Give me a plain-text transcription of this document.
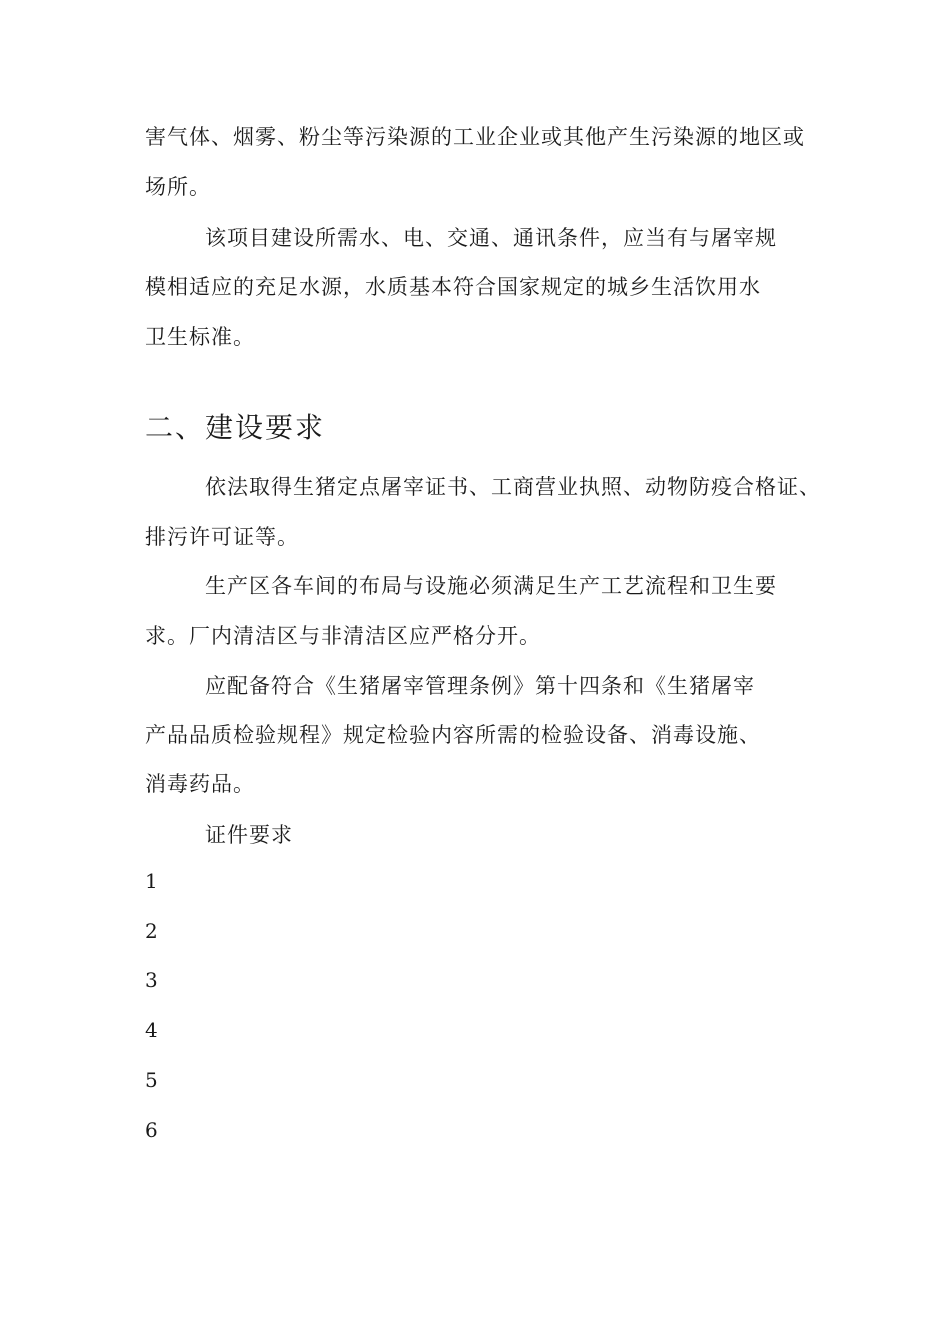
害气体、烟雾、粉尘等污染源的工业企业或其他产生污染源的地区或
场所。
该项目建设所需水、电、交通、通讯条件，应当有与屠宰规
模相适应的充足水源，水质基本符合国家规定的城乡生活饮用水
卫生标准。
二、建设要求
依法取得生猪定点屠宰证书、工商营业执照、动物防疫合格证、
排污许可证等。
生产区各车间的布局与设施必须满足生产工艺流程和卫生要
求。厂内清洁区与非清洁区应严格分开。
应配备符合《生猪屠宰管理条例》第十四条和《生猪屠宰
产品品质检验规程》规定检验内容所需的检验设备、消毒设施、
消毒药品。
证件要求
1
2
3
4
5
6
